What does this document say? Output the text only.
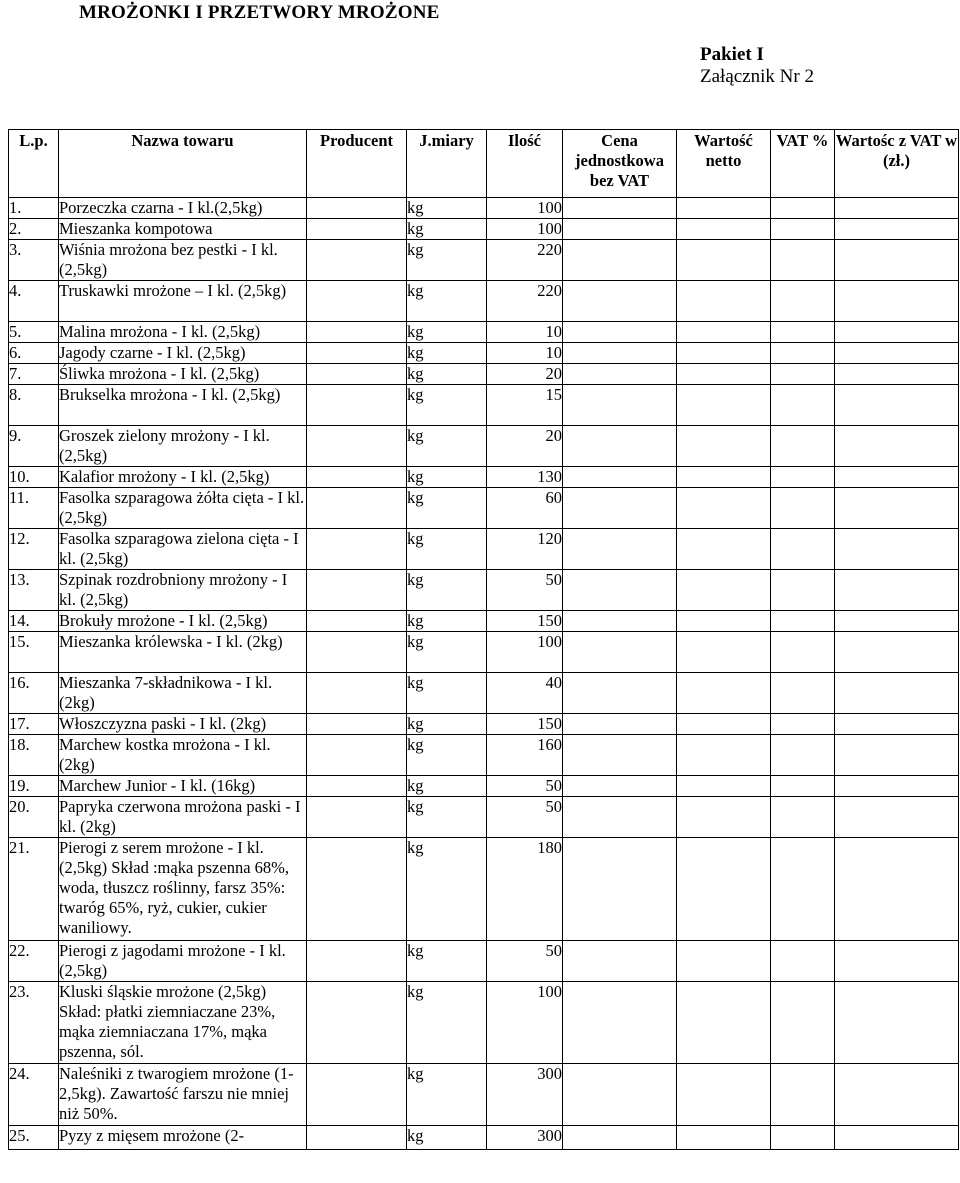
MROŻONKI I PRZETWORY MROŻONE
Pakiet I
Załącznik Nr 2
L.p.	Nazwa towaru	Producent	J.miary	Ilość	Cena jednostkowa bez VAT	Wartość netto	VAT %	Wartośc z VAT w (zł.)
1.	Porzeczka czarna - I kl.(2,5kg)		kg	100				
2.	Mieszanka kompotowa		kg	100				
3.	Wiśnia mrożona bez pestki - I kl. (2,5kg)		kg	220				
4.	Truskawki mrożone – I kl. (2,5kg)		kg	220				
5.	Malina mrożona - I kl. (2,5kg)		kg	10				
6.	Jagody czarne - I kl. (2,5kg)		kg	10				
7.	Śliwka mrożona - I kl. (2,5kg)		kg	20				
8.	Brukselka mrożona - I kl. (2,5kg)		kg	15				
9.	Groszek zielony mrożony - I kl. (2,5kg)		kg	20				
10.	Kalafior mrożony - I kl. (2,5kg)		kg	130				
11.	Fasolka szparagowa żółta cięta - I kl. (2,5kg)		kg	60				
12.	Fasolka szparagowa zielona cięta - I kl. (2,5kg)		kg	120				
13.	Szpinak rozdrobniony mrożony - I kl. (2,5kg)		kg	50				
14.	Brokuły mrożone - I kl. (2,5kg)		kg	150				
15.	Mieszanka królewska - I kl. (2kg)		kg	100				
16.	Mieszanka 7-składnikowa - I kl. (2kg)		kg	40				
17.	Włoszczyzna paski - I kl. (2kg)		kg	150				
18.	Marchew kostka mrożona - I kl. (2kg)		kg	160				
19.	Marchew Junior - I kl. (16kg)		kg	50				
20.	Papryka czerwona mrożona paski - I kl. (2kg)		kg	50				
21.	Pierogi z serem mrożone - I kl. (2,5kg) Skład :mąka pszenna 68%, woda, tłuszcz roślinny, farsz 35%: twaróg 65%, ryż, cukier, cukier waniliowy.		kg	180				
22.	Pierogi z jagodami mrożone - I kl. (2,5kg)		kg	50				
23.	Kluski śląskie mrożone (2,5kg) Skład: płatki ziemniaczane 23%, mąka ziemniaczana 17%, mąka pszenna, sól.		kg	100				
24.	Naleśniki z twarogiem mrożone (1-2,5kg). Zawartość farszu nie mniej niż 50%.		kg	300				
25.	Pyzy z mięsem mrożone (2-		kg	300				
